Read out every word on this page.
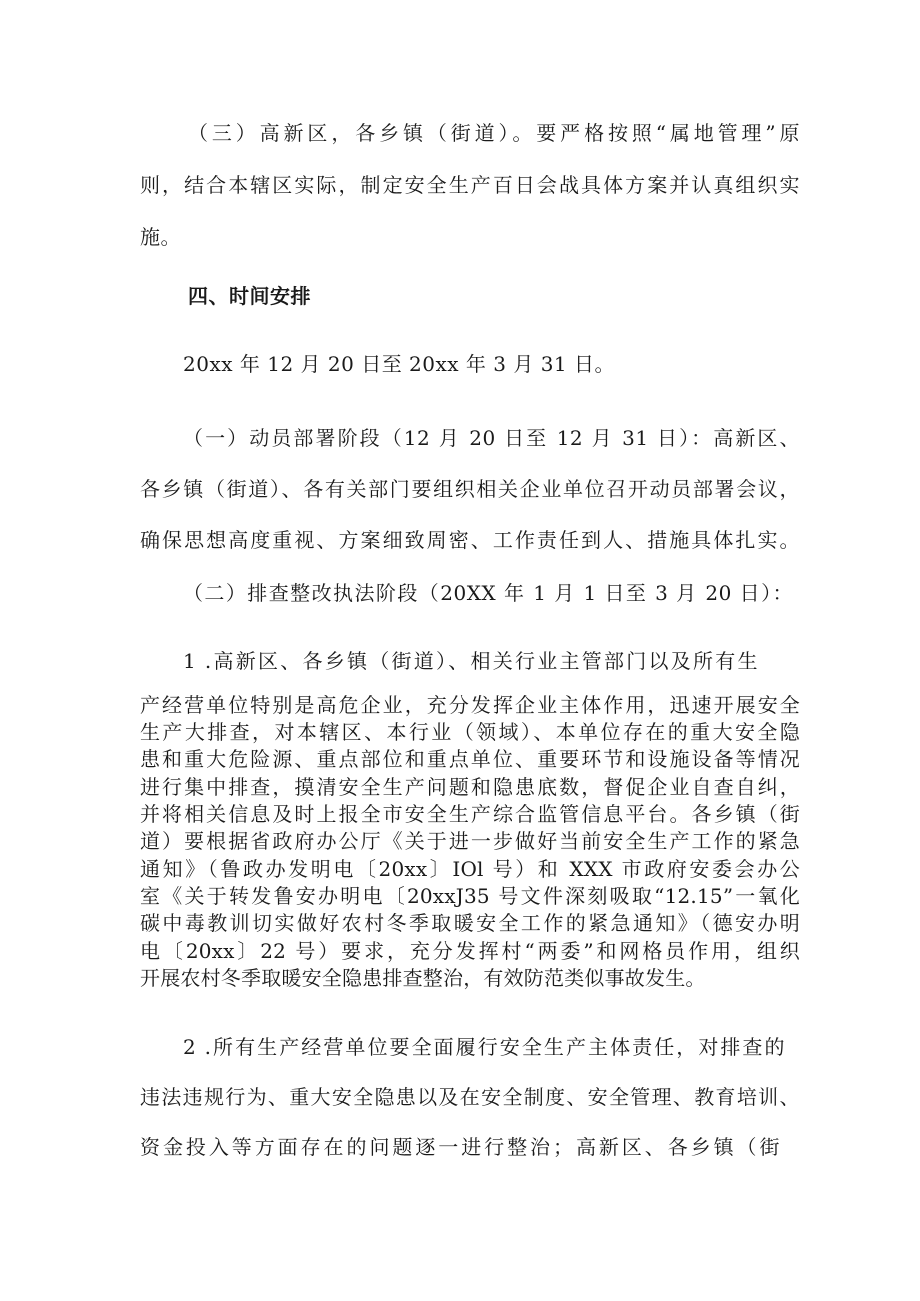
（三）高新区，各乡镇（街道）。要严格按照“属地管理”原
则，结合本辖区实际，制定安全生产百日会战具体方案并认真组织实
施。
四、时间安排
20xx 年 12 月 20 日至 20xx 年 3 月 31 日。
（一）动员部署阶段（12 月 20 日至 12 月 31 日）：高新区、
各乡镇（街道）、各有关部门要组织相关企业单位召开动员部署会议，
确保思想高度重视、方案细致周密、工作责任到人、措施具体扎实。
（二）排查整改执法阶段（20XX 年 1 月 1 日至 3 月 20 日）：
1 .高新区、各乡镇（街道）、相关行业主管部门以及所有生
产经营单位特别是高危企业，充分发挥企业主体作用，迅速开展安全
生产大排查，对本辖区、本行业（领域）、本单位存在的重大安全隐
患和重大危险源、重点部位和重点单位、重要环节和设施设备等情况
进行集中排查，摸清安全生产问题和隐患底数，督促企业自查自纠，
并将相关信息及时上报全市安全生产综合监管信息平台。各乡镇（街
道）要根据省政府办公厅《关于进一步做好当前安全生产工作的紧急
通知》（鲁政办发明电〔20xx〕IOl 号）和 XXX 市政府安委会办公
室《关于转发鲁安办明电〔20xxJ35 号文件深刻吸取“12.15”一氧化
碳中毒教训切实做好农村冬季取暖安全工作的紧急通知》（德安办明
电〔20xx〕22 号）要求，充分发挥村“两委”和网格员作用，组织
开展农村冬季取暖安全隐患排查整治，有效防范类似事故发生。
2 .所有生产经营单位要全面履行安全生产主体责任，对排查的
违法违规行为、重大安全隐患以及在安全制度、安全管理、教育培训、
资金投入等方面存在的问题逐一进行整治；高新区、各乡镇（街
